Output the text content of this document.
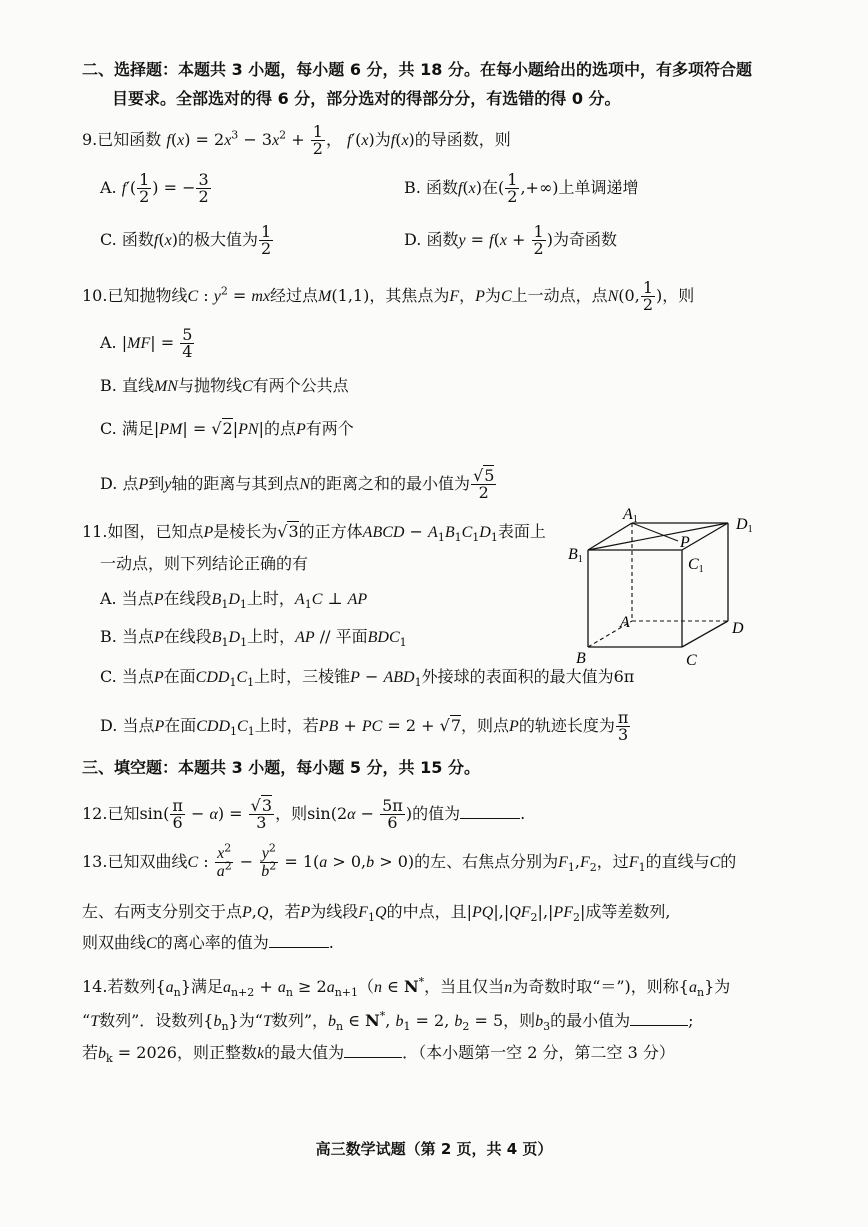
二、选择题：本题共 3 小题，每小题 6 分，共 18 分。在每小题给出的选项中，有多项符合题
目要求。全部选对的得 6 分，部分选对的得部分分，有选错的得 0 分。
9.已知函数 $f(x) = 2x^3 - 3x^2 + \frac{1}{2}$ ， f′(x)为f(x)的导函数，则
A. $f'( \frac{1}{2}$ ) = − $\frac{3}{2}$	B. 函数f(x)在( $\frac{1}{2}$ ,+∞)上单调递增
C. 函数f(x)的极大值为 $\frac{1}{2}$	D. 函数$y = f(x + \frac{1}{2}$ )为奇函数
10.已知抛物线C : $y^2$ = mx经过点M(1,1)，其焦点为F，P为C上一动点，点N(0, $\frac{1}{2}$ )，则
A. $|MF| = \frac{5}{4}$
B. 直线MN与抛物线C有两个公共点
C. 满足|PM| = √2|PN|的点P有两个
D. 点P到y轴的距离与其到点N的距离之和的最小值为 $\frac{√5}{2}$
11.如图，已知点P是棱长为√3的正方体ABCD − $A_1B_1C_1D_1$表面上
一动点，则下列结论正确的有
A. 当点P在线段$B_1D_1$上时，$A_1C$ ⊥ AP
B. 当点P在线段$B_1D_1$上时，AP // 平面$BDC_1$
C. 当点P在面$CDD_1C_1$上时，三棱锥$P - ABD_1$外接球的表面积的最大值为6π
D. 当点P在面$CDD_1C_1$上时，若PB + PC = 2 + √7，则点P的轨迹长度为 $\frac{\pi}{3}$
A1	D1
B1	C1
P
A	D
B	C
三、填空题：本题共 3 小题，每小题 5 分，共 15 分。
12.已知$\sin( \frac{\pi}{6} - \alpha) = \frac{√3}{3}$ ，则$\sin(2\alpha - \frac{5\pi}{6}$ )的值为	.
13.已知双曲线C : $\frac{x^2}{a^2} - \frac{y^2}{b^2} = 1(a > 0,b > 0)$的左、右焦点分别为$F_1,F_2$，过$F_1$的直线与C的
左、右两支分别交于点P,Q，若P为线段$F_1Q$的中点，且$|PQ|,|QF_2|,|PF_2|$成等差数列,
则双曲线C的离心率的值为	.
14.若数列$\{a_n\}$满足$a_{n+2} + a_n \ge 2a_{n+1}(n$ ∈ N*，当且仅当n为奇数时取“＝”)，则称$\{a_n\}$为
“T数列”．设数列$\{b_n\}$为“T数列”，$b_n$ ∈ N*, $b_1 = 2$, $b_2 = 5$，则$b_3$的最小值为	;
若$b_k = 2026$，则正整数k的最大值为	．（本小题第一空 2 分，第二空 3 分）
高三数学试题（第 2 页，共 4 页）
